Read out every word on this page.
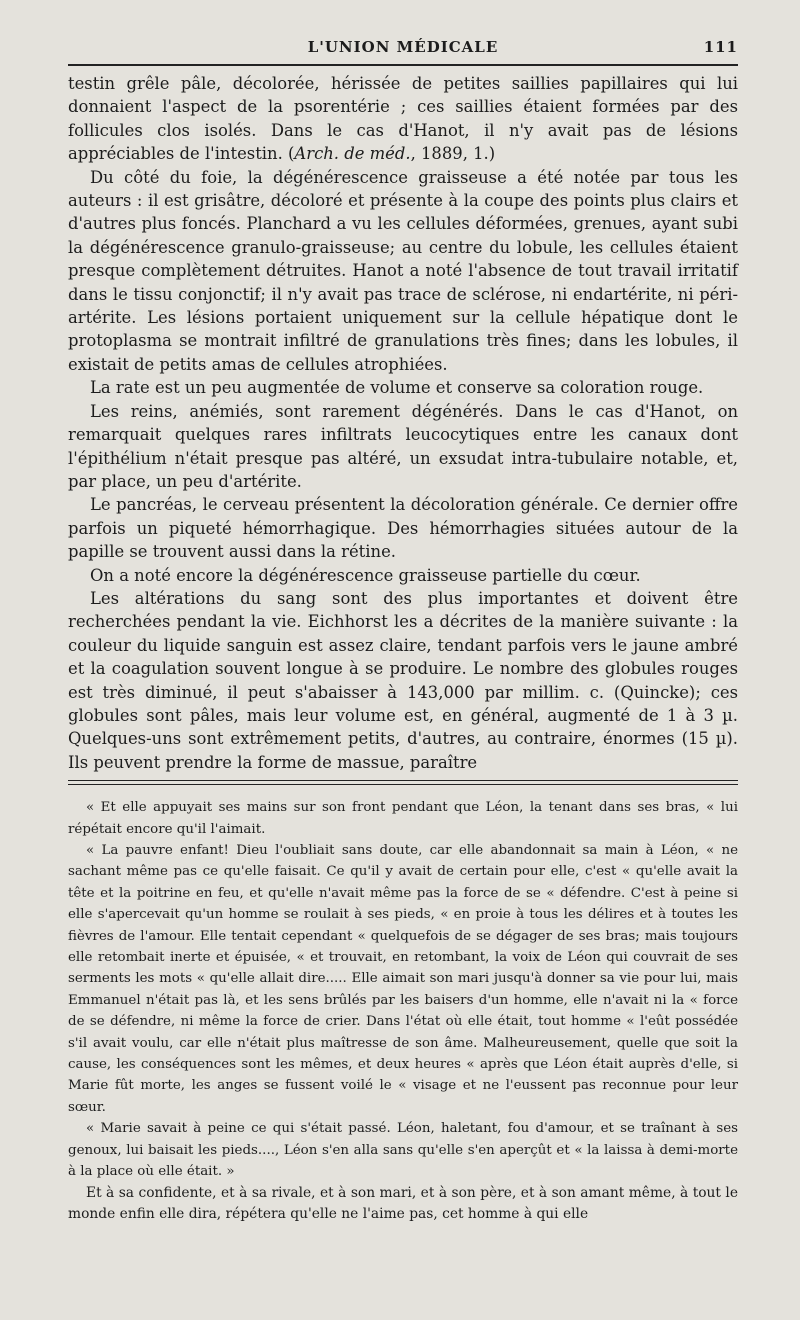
L'UNION MÉDICALE	111

testin grêle pâle, décolorée, hérissée de petites saillies papillaires qui lui donnaient l'aspect de la psorentérie ; ces saillies étaient formées par des follicules clos isolés. Dans le cas d'Hanot, il n'y avait pas de lésions appréciables de l'intestin. (Arch. de méd., 1889, 1.)

Du côté du foie, la dégénérescence graisseuse a été notée par tous les auteurs : il est grisâtre, décoloré et présente à la coupe des points plus clairs et d'autres plus foncés. Planchard a vu les cellules déformées, grenues, ayant subi la dégénérescence granulo-graisseuse; au centre du lobule, les cellules étaient presque complètement détruites. Hanot a noté l'absence de tout travail irritatif dans le tissu conjonctif; il n'y avait pas trace de sclérose, ni endartérite, ni péri-artérite. Les lésions portaient uniquement sur la cellule hépatique dont le protoplasma se montrait infiltré de granulations très fines; dans les lobules, il existait de petits amas de cellules atrophiées.

La rate est un peu augmentée de volume et conserve sa coloration rouge.

Les reins, anémiés, sont rarement dégénérés. Dans le cas d'Hanot, on remarquait quelques rares infiltrats leucocytiques entre les canaux dont l'épithélium n'était presque pas altéré, un exsudat intra-tubulaire notable, et, par place, un peu d'artérite.

Le pancréas, le cerveau présentent la décoloration générale. Ce dernier offre parfois un piqueté hémorrhagique. Des hémorrhagies situées autour de la papille se trouvent aussi dans la rétine.

On a noté encore la dégénérescence graisseuse partielle du cœur.

Les altérations du sang sont des plus importantes et doivent être recherchées pendant la vie. Eichhorst les a décrites de la manière suivante : la couleur du liquide sanguin est assez claire, tendant parfois vers le jaune ambré et la coagulation souvent longue à se produire. Le nombre des globules rouges est très diminué, il peut s'abaisser à 143,000 par millim. c. (Quincke); ces globules sont pâles, mais leur volume est, en général, augmenté de 1 à 3 µ. Quelques-uns sont extrêmement petits, d'autres, au contraire, énormes (15 µ). Ils peuvent prendre la forme de massue, paraître

« Et elle appuyait ses mains sur son front pendant que Léon, la tenant dans ses bras, « lui répétait encore qu'il l'aimait.

« La pauvre enfant! Dieu l'oubliait sans doute, car elle abandonnait sa main à Léon, « ne sachant même pas ce qu'elle faisait. Ce qu'il y avait de certain pour elle, c'est « qu'elle avait la tête et la poitrine en feu, et qu'elle n'avait même pas la force de se « défendre. C'est à peine si elle s'apercevait qu'un homme se roulait à ses pieds, « en proie à tous les délires et à toutes les fièvres de l'amour. Elle tentait cependant « quelquefois de se dégager de ses bras; mais toujours elle retombait inerte et épuisée, « et trouvait, en retombant, la voix de Léon qui couvrait de ses serments les mots « qu'elle allait dire..... Elle aimait son mari jusqu'à donner sa vie pour lui, mais Emmanuel n'était pas là, et les sens brûlés par les baisers d'un homme, elle n'avait ni la « force de se défendre, ni même la force de crier. Dans l'état où elle était, tout homme « l'eût possédée s'il avait voulu, car elle n'était plus maîtresse de son âme. Malheureusement, quelle que soit la cause, les conséquences sont les mêmes, et deux heures « après que Léon était auprès d'elle, si Marie fût morte, les anges se fussent voilé le « visage et ne l'eussent pas reconnue pour leur sœur.

« Marie savait à peine ce qui s'était passé. Léon, haletant, fou d'amour, et se traînant à ses genoux, lui baisait les pieds...., Léon s'en alla sans qu'elle s'en aperçût et « la laissa à demi-morte à la place où elle était. »

Et à sa confidente, et à sa rivale, et à son mari, et à son père, et à son amant même, à tout le monde enfin elle dira, répétera qu'elle ne l'aime pas, cet homme à qui elle
